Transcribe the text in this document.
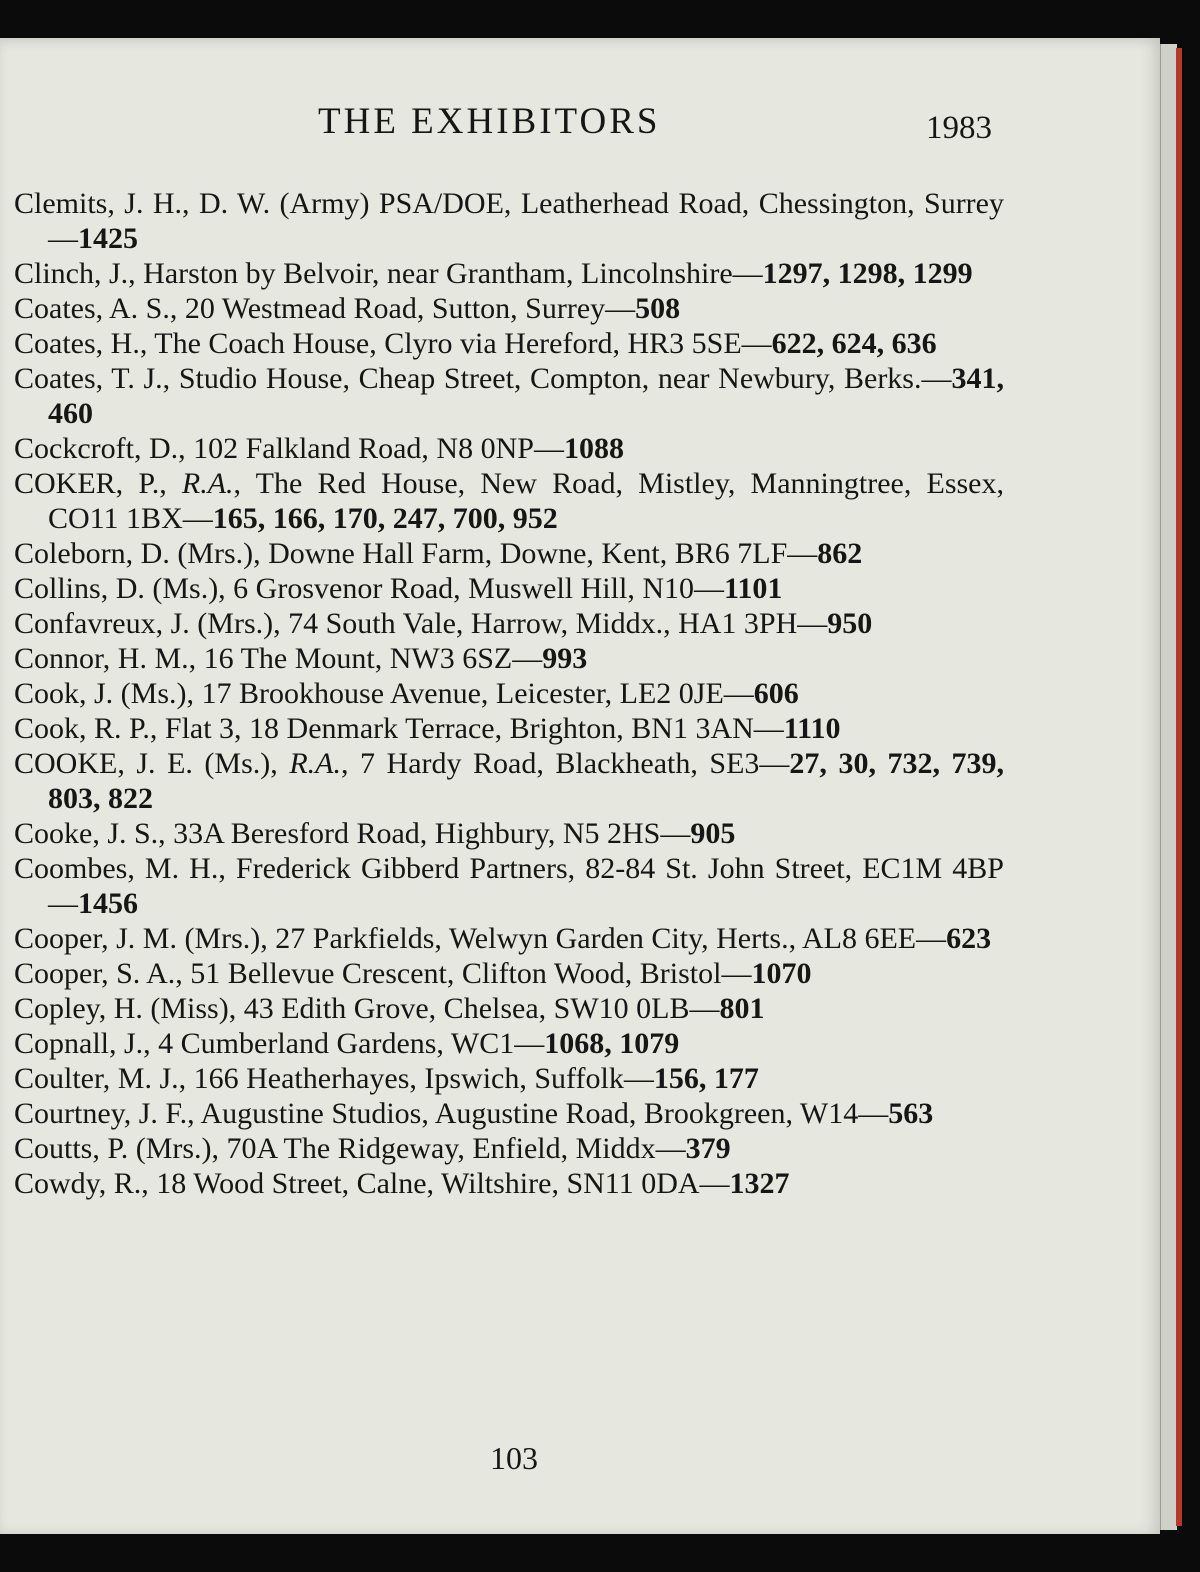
THE EXHIBITORS	1983

Clemits, J. H., D. W. (Army) PSA/DOE, Leatherhead Road, Chessington, Surrey—1425

Clinch, J., Harston by Belvoir, near Grantham, Lincolnshire—1297, 1298, 1299

Coates, A. S., 20 Westmead Road, Sutton, Surrey—508

Coates, H., The Coach House, Clyro via Hereford, HR3 5SE—622, 624, 636

Coates, T. J., Studio House, Cheap Street, Compton, near Newbury, Berks.—341, 460

Cockcroft, D., 102 Falkland Road, N8 0NP—1088

COKER, P., R.A., The Red House, New Road, Mistley, Manningtree, Essex, CO11 1BX—165, 166, 170, 247, 700, 952

Coleborn, D. (Mrs.), Downe Hall Farm, Downe, Kent, BR6 7LF—862

Collins, D. (Ms.), 6 Grosvenor Road, Muswell Hill, N10—1101

Confavreux, J. (Mrs.), 74 South Vale, Harrow, Middx., HA1 3PH—950

Connor, H. M., 16 The Mount, NW3 6SZ—993

Cook, J. (Ms.), 17 Brookhouse Avenue, Leicester, LE2 0JE—606

Cook, R. P., Flat 3, 18 Denmark Terrace, Brighton, BN1 3AN—1110

COOKE, J. E. (Ms.), R.A., 7 Hardy Road, Blackheath, SE3—27, 30, 732, 739, 803, 822

Cooke, J. S., 33A Beresford Road, Highbury, N5 2HS—905

Coombes, M. H., Frederick Gibberd Partners, 82-84 St. John Street, EC1M 4BP—1456

Cooper, J. M. (Mrs.), 27 Parkfields, Welwyn Garden City, Herts., AL8 6EE—623

Cooper, S. A., 51 Bellevue Crescent, Clifton Wood, Bristol—1070

Copley, H. (Miss), 43 Edith Grove, Chelsea, SW10 0LB—801

Copnall, J., 4 Cumberland Gardens, WC1—1068, 1079

Coulter, M. J., 166 Heatherhayes, Ipswich, Suffolk—156, 177

Courtney, J. F., Augustine Studios, Augustine Road, Brookgreen, W14—563

Coutts, P. (Mrs.), 70A The Ridgeway, Enfield, Middx—379

Cowdy, R., 18 Wood Street, Calne, Wiltshire, SN11 0DA—1327

103
